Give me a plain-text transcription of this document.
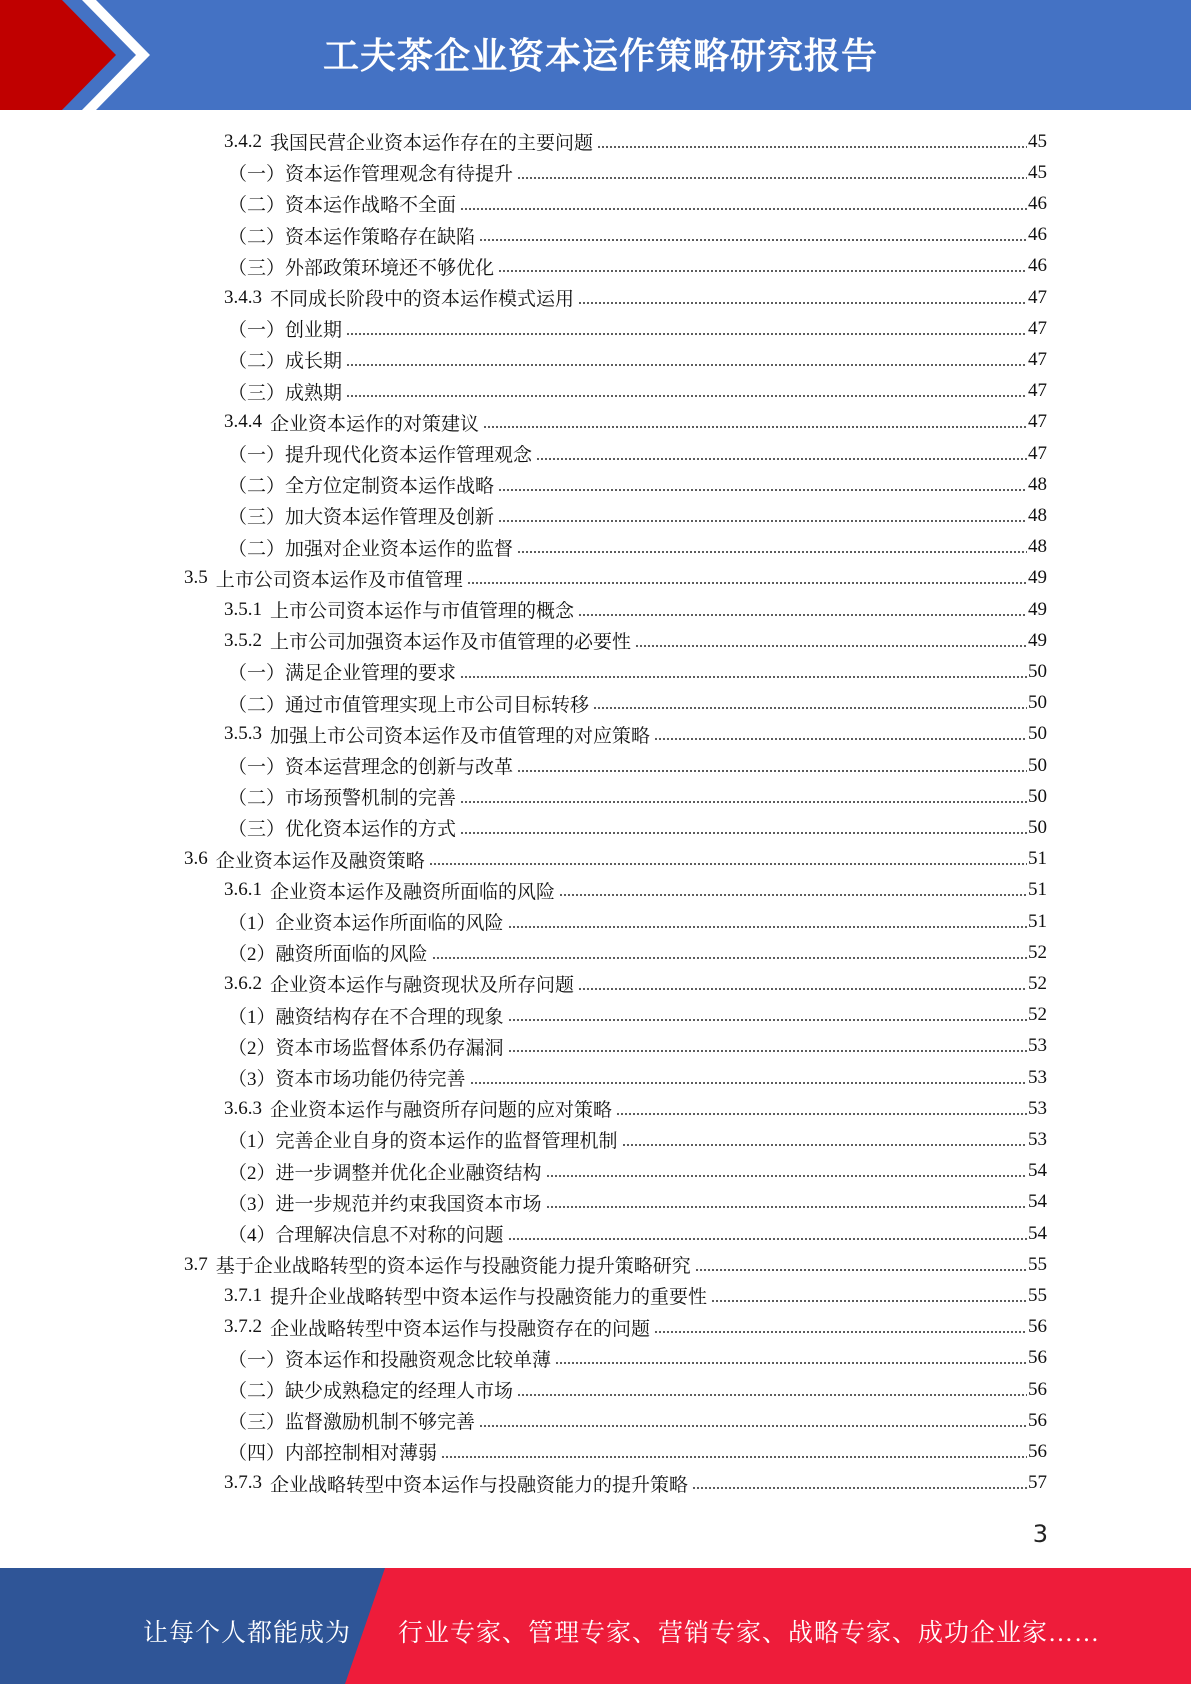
工夫茶企业资本运作策略研究报告
3.4.2 我国民营企业资本运作存在的主要问题	45
（一）资本运作管理观念有待提升	45
（二）资本运作战略不全面	46
（二）资本运作策略存在缺陷	46
（三）外部政策环境还不够优化	46
3.4.3 不同成长阶段中的资本运作模式运用	47
（一）创业期	47
（二）成长期	47
（三）成熟期	47
3.4.4 企业资本运作的对策建议	47
（一）提升现代化资本运作管理观念	47
（二）全方位定制资本运作战略	48
（三）加大资本运作管理及创新	48
（二）加强对企业资本运作的监督	48
3.5 上市公司资本运作及市值管理	49
3.5.1 上市公司资本运作与市值管理的概念	49
3.5.2 上市公司加强资本运作及市值管理的必要性	49
（一）满足企业管理的要求	50
（二）通过市值管理实现上市公司目标转移	50
3.5.3 加强上市公司资本运作及市值管理的对应策略	50
（一）资本运营理念的创新与改革	50
（二）市场预警机制的完善	50
（三）优化资本运作的方式	50
3.6 企业资本运作及融资策略	51
3.6.1 企业资本运作及融资所面临的风险	51
（1）企业资本运作所面临的风险	51
（2）融资所面临的风险	52
3.6.2 企业资本运作与融资现状及所存问题	52
（1）融资结构存在不合理的现象	52
（2）资本市场监督体系仍存漏洞	53
（3）资本市场功能仍待完善	53
3.6.3 企业资本运作与融资所存问题的应对策略	53
（1）完善企业自身的资本运作的监督管理机制	53
（2）进一步调整并优化企业融资结构	54
（3）进一步规范并约束我国资本市场	54
（4）合理解决信息不对称的问题	54
3.7 基于企业战略转型的资本运作与投融资能力提升策略研究	55
3.7.1 提升企业战略转型中资本运作与投融资能力的重要性	55
3.7.2 企业战略转型中资本运作与投融资存在的问题	56
（一）资本运作和投融资观念比较单薄	56
（二）缺少成熟稳定的经理人市场	56
（三）监督激励机制不够完善	56
（四）内部控制相对薄弱	56
3.7.3 企业战略转型中资本运作与投融资能力的提升策略	57
3
让每个人都能成为 行业专家、管理专家、营销专家、战略专家、成功企业家……
